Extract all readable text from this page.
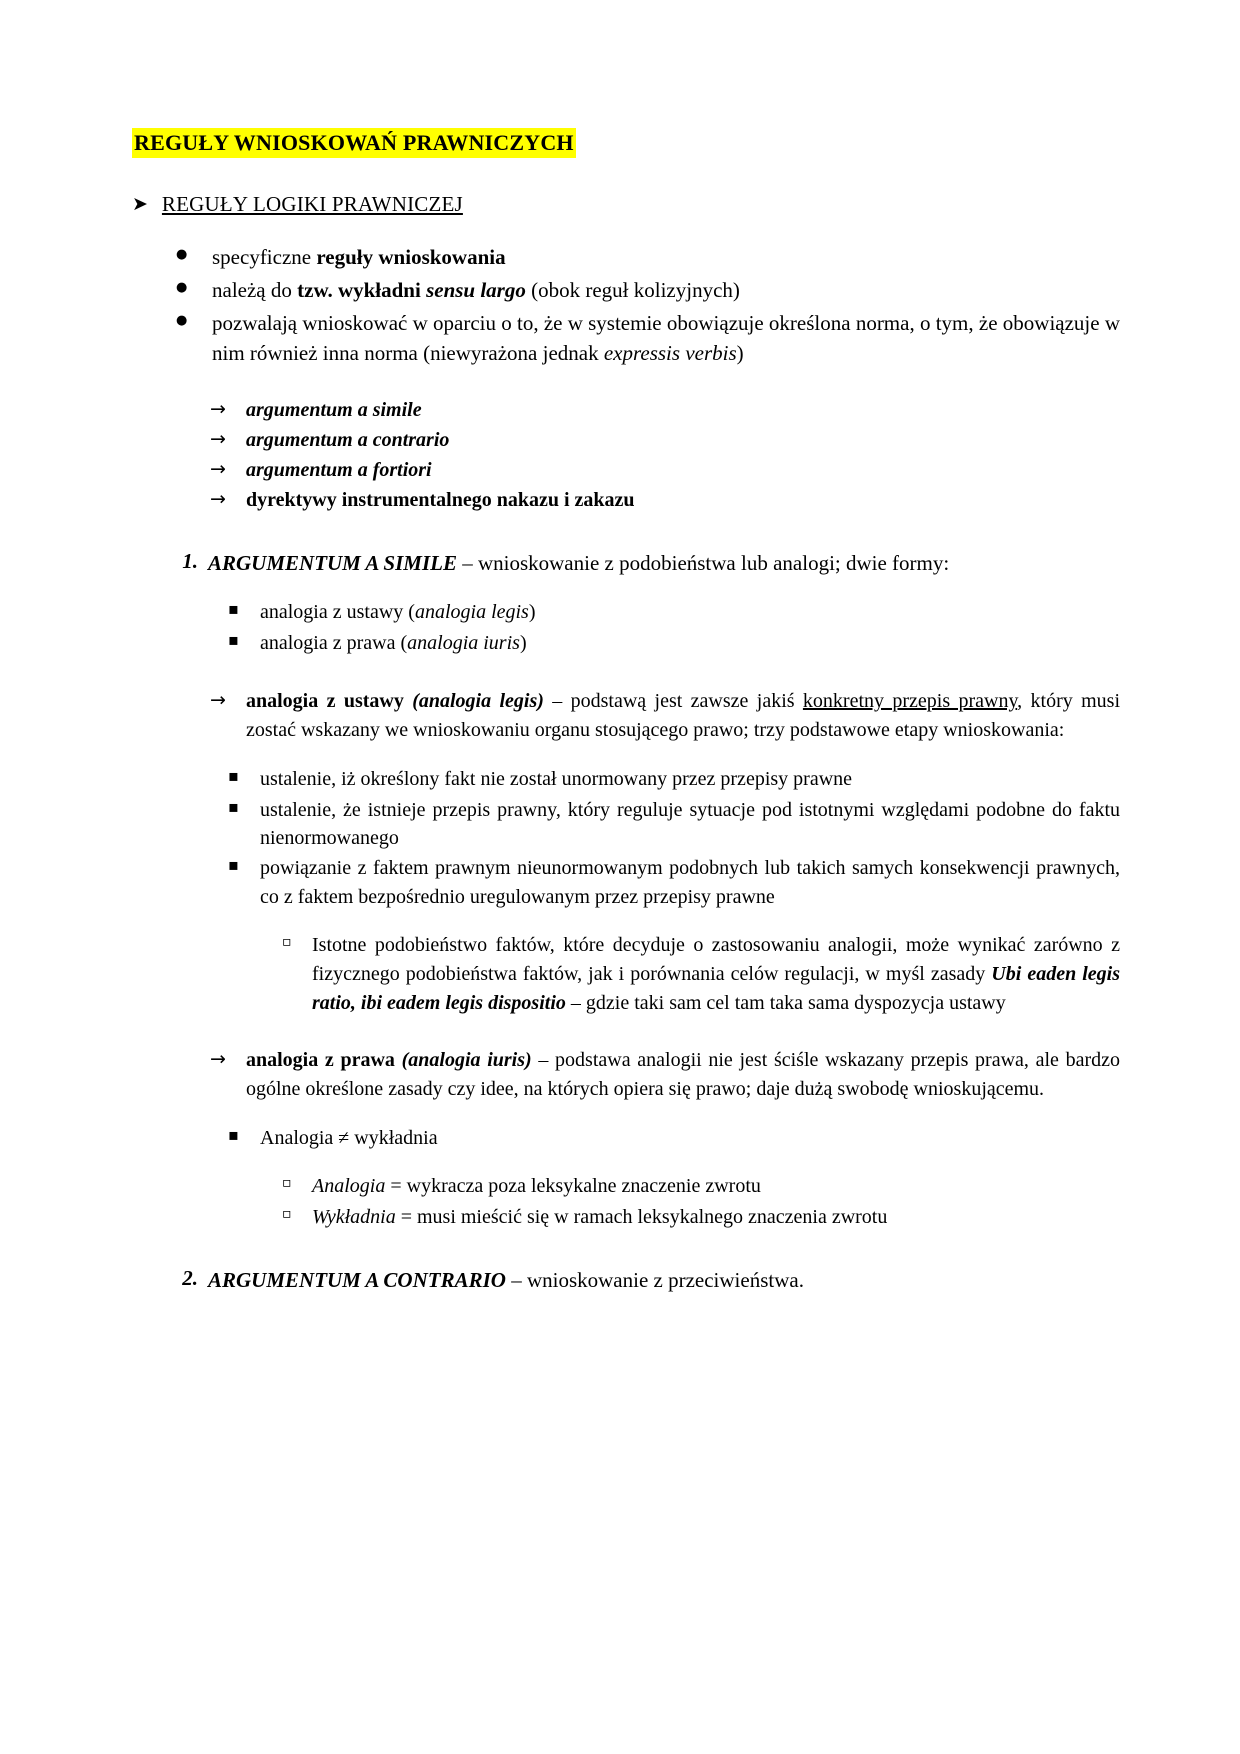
REGUŁY WNIOSKOWAŃ PRAWNICZYCH
➤ REGUŁY LOGIKI PRAWNICZEJ
● specyficzne reguły wnioskowania
● należą do tzw. wykładni sensu largo (obok reguł kolizyjnych)
● pozwalają wnioskować w oparciu o to, że w systemie obowiązuje określona norma, o tym, że obowiązuje w nim również inna norma (niewyrażona jednak expressis verbis)
→ argumentum a simile
→ argumentum a contrario
→ argumentum a fortiori
→ dyrektywy instrumentalnego nakazu i zakazu
1. ARGUMENTUM A SIMILE – wnioskowanie z podobieństwa lub analogi; dwie formy:
▪ analogia z ustawy (analogia legis)
▪ analogia z prawa (analogia iuris)
→ analogia z ustawy (analogia legis) – podstawą jest zawsze jakiś konkretny przepis prawny, który musi zostać wskazany we wnioskowaniu organu stosującego prawo; trzy podstawowe etapy wnioskowania:
▪ ustalenie, iż określony fakt nie został unormowany przez przepisy prawne
▪ ustalenie, że istnieje przepis prawny, który reguluje sytuacje pod istotnymi względami podobne do faktu nienormowanego
▪ powiązanie z faktem prawnym nieunormowanym podobnych lub takich samych konsekwencji prawnych, co z faktem bezpośrednio uregulowanym przez przepisy prawne
▫ Istotne podobieństwo faktów, które decyduje o zastosowaniu analogii, może wynikać zarówno z fizycznego podobieństwa faktów, jak i porównania celów regulacji, w myśl zasady Ubi eaden legis ratio, ibi eadem legis dispositio – gdzie taki sam cel tam taka sama dyspozycja ustawy
→ analogia z prawa (analogia iuris) – podstawa analogii nie jest ściśle wskazany przepis prawa, ale bardzo ogólne określone zasady czy idee, na których opiera się prawo; daje dużą swobodę wnioskującemu.
▪ Analogia ≠ wykładnia
▫ Analogia = wykracza poza leksykalne znaczenie zwrotu
▫ Wykładnia = musi mieścić się w ramach leksykalnego znaczenia zwrotu
2. ARGUMENTUM A CONTRARIO – wnioskowanie z przeciwieństwa.
